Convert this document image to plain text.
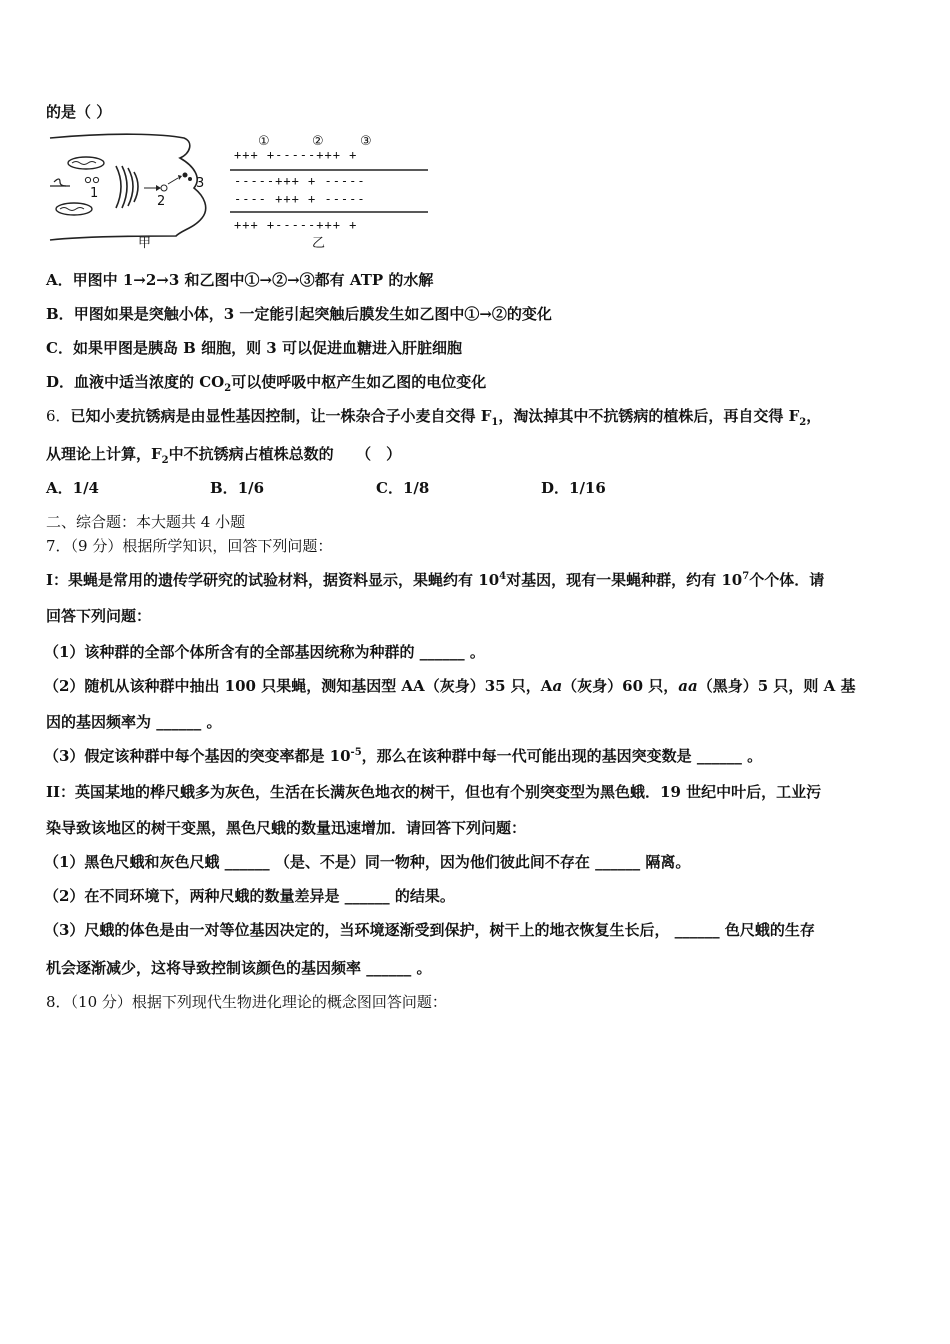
的是（ ）
1
2
3
甲
①	②	③
+++ +-----+++ +
-----+++ + -----
---- +++ + -----
+++ +-----+++ +
乙
A．甲图中 1→2→3 和乙图中①→②→③都有 ATP 的水解
B．甲图如果是突触小体，3 一定能引起突触后膜发生如乙图中①→②的变化
C．如果甲图是胰岛 B 细胞，则 3 可以促进血糖进入肝脏细胞
D．血液中适当浓度的 $CO_2$可以使呼吸中枢产生如乙图的电位变化
6．已知小麦抗锈病是由显性基因控制，让一株杂合子小麦自交得 $F_1$，淘汰掉其中不抗锈病的植株后，再自交得 $F_2$，
从理论上计算，$F_2$中不抗锈病占植株总数的　　（　）
A．1/4	B．1/6	C．1/8	D．1/16
二、综合题：本大题共 4 小题
7．（9 分）根据所学知识，回答下列问题：
I：果蝇是常用的遗传学研究的试验材料，据资料显示，果蝇约有 $10^4$对基因，现有一果蝇种群，约有 $10^7$个个体．请
回答下列问题：
（1）该种群的全部个体所含有的全部基因统称为种群的 ______ 。
（2）随机从该种群中抽出 100 只果蝇，测知基因型 AA（灰身）35 只，Aa（灰身）60 只，aa（黑身）5 只，则 A 基
因的基因频率为 ______ 。
（3）假定该种群中每个基因的突变率都是 $10^{-5}$，那么在该种群中每一代可能出现的基因突变数是 ______ 。
II：英国某地的桦尺蛾多为灰色，生活在长满灰色地衣的树干，但也有个别突变型为黑色蛾．19 世纪中叶后，工业污
染导致该地区的树干变黑，黑色尺蛾的数量迅速增加．请回答下列问题：
（1）黑色尺蛾和灰色尺蛾 ______ （是、不是）同一物种，因为他们彼此间不存在 ______ 隔离。
（2）在不同环境下，两种尺蛾的数量差异是 ______ 的结果。
（3）尺蛾的体色是由一对等位基因决定的，当环境逐渐受到保护，树干上的地衣恢复生长后， ______ 色尺蛾的生存
机会逐渐减少，这将导致控制该颜色的基因频率 ______ 。
8．（10 分）根据下列现代生物进化理论的概念图回答问题：
